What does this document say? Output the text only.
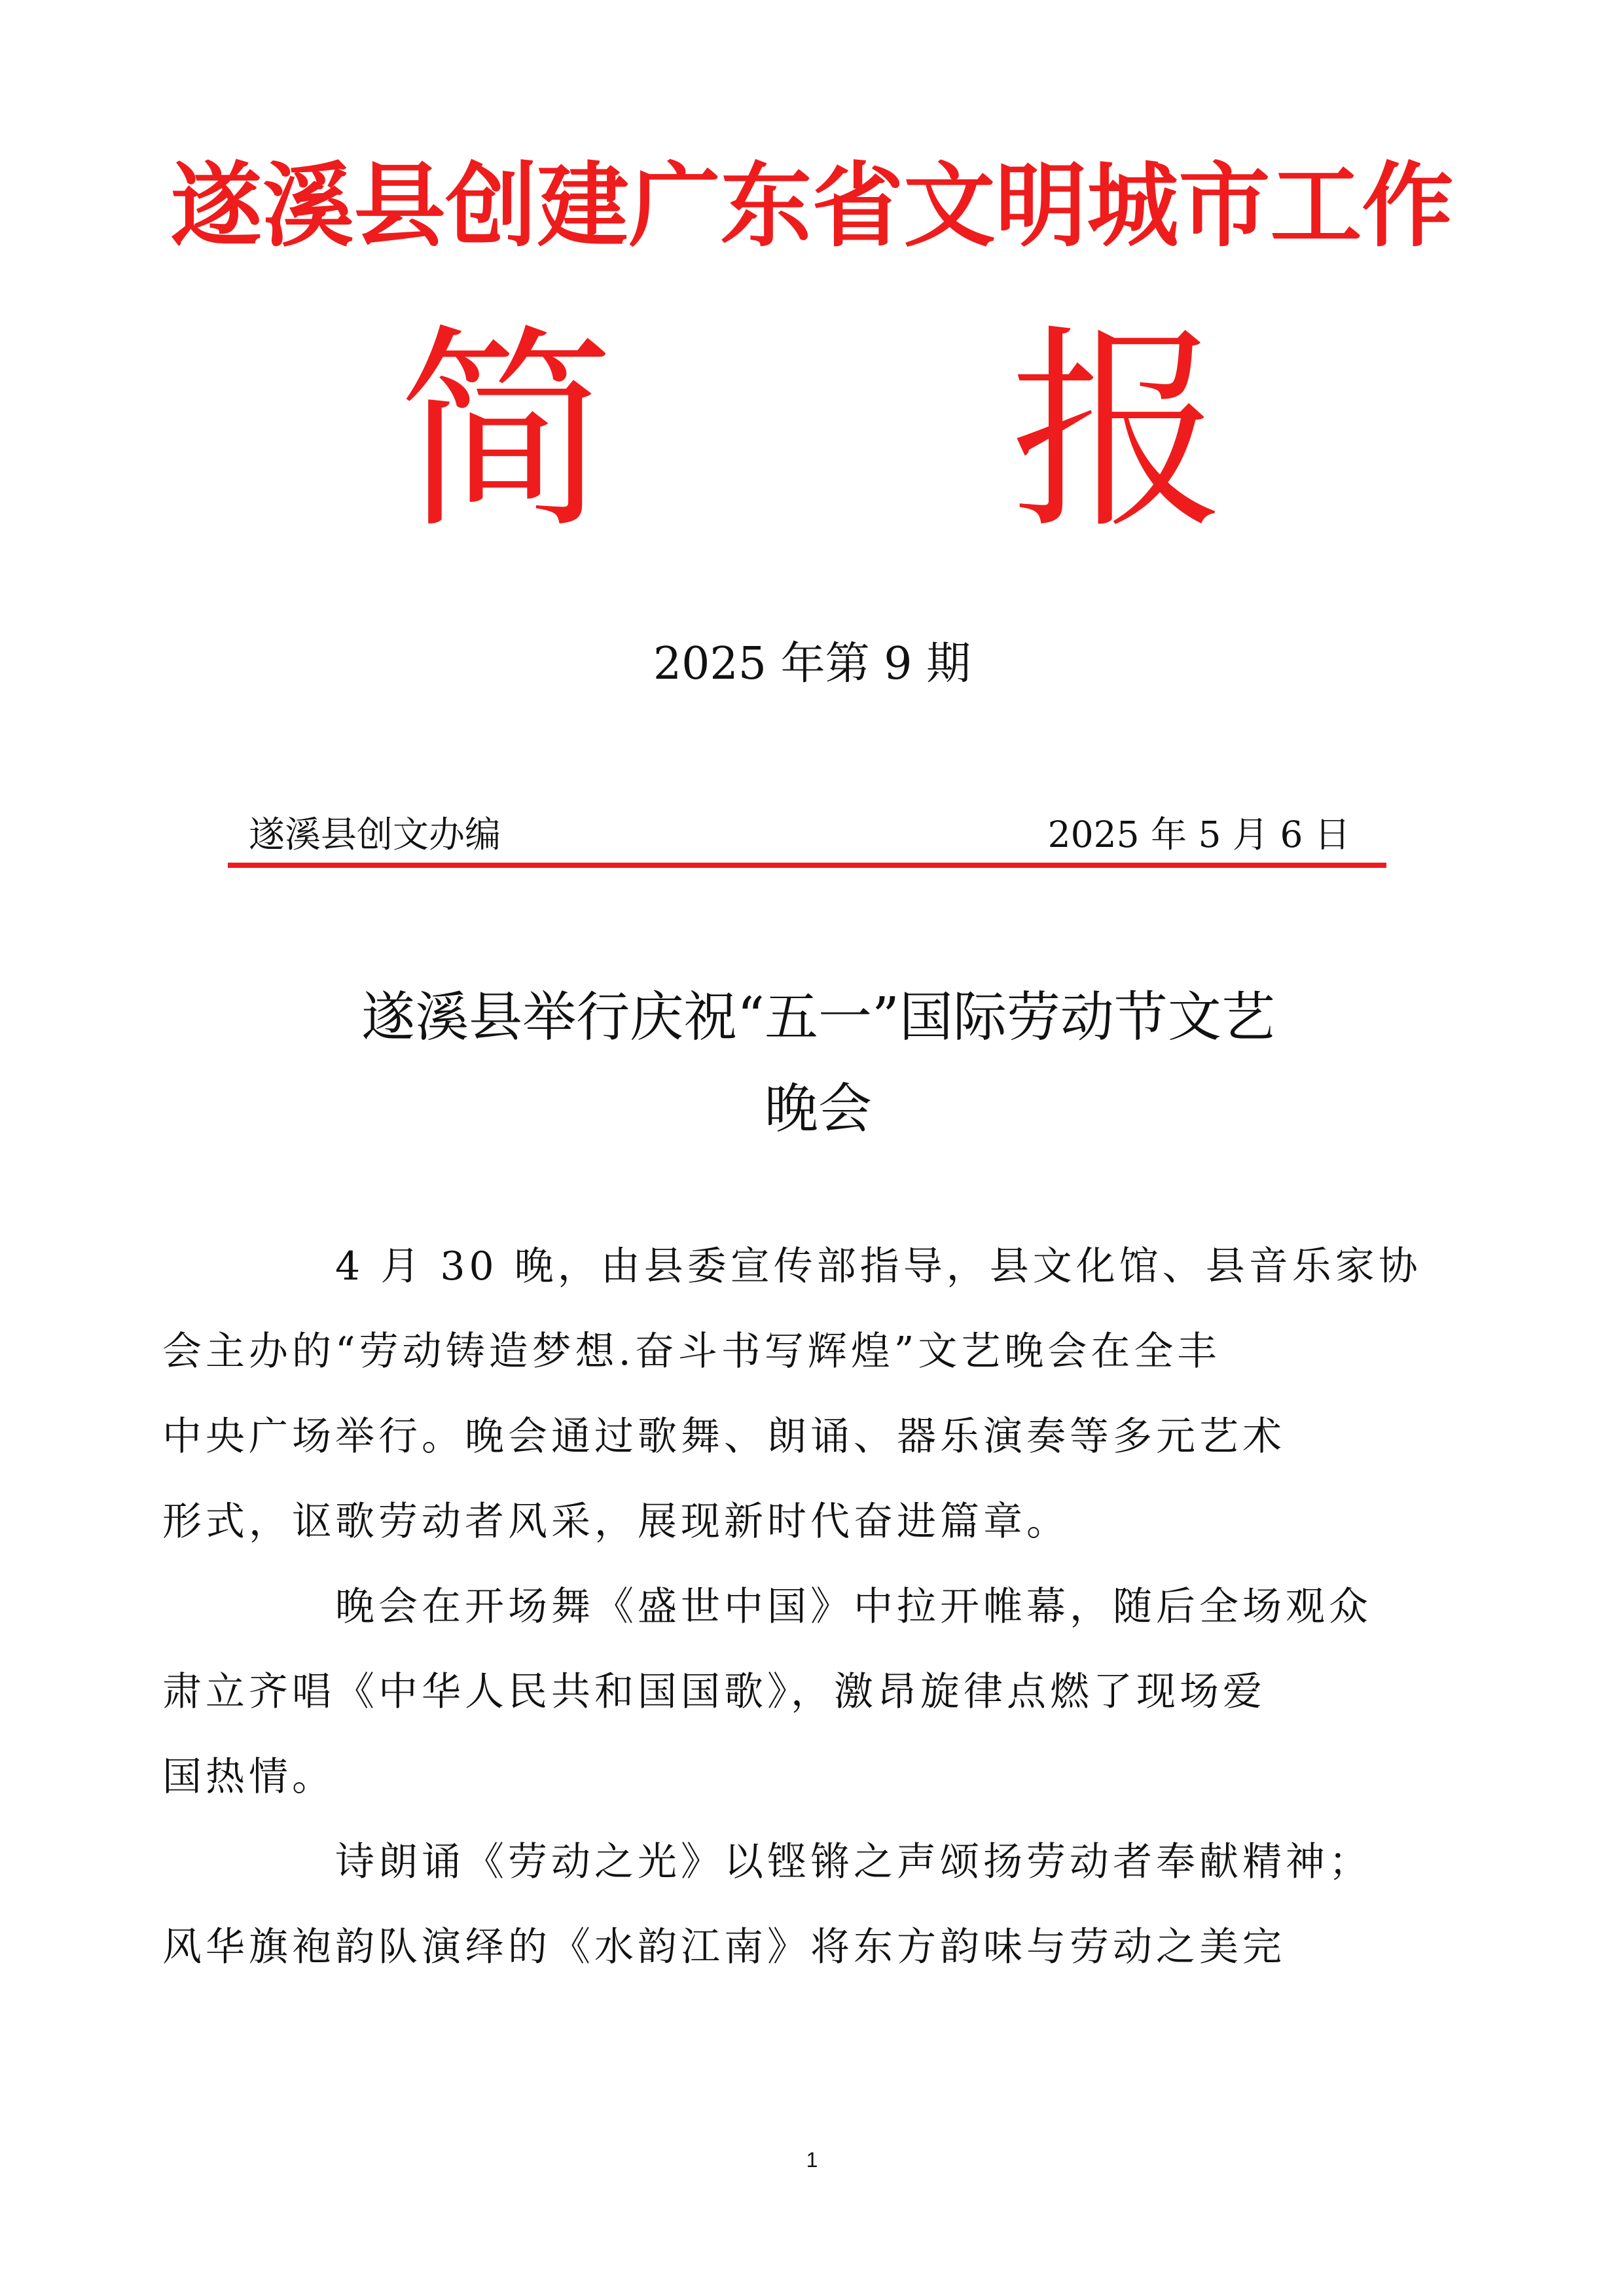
遂溪县创建广东省文明城市工作
简 报
2025 年第 9 期
遂溪县创文办编	2025 年 5 月 6 日
遂溪县举行庆祝“五一”国际劳动节文艺
晚会

4 月 30 晚，由县委宣传部指导，县文化馆、县音乐家协
会主办的“劳动铸造梦想.奋斗书写辉煌”文艺晚会在全丰
中央广场举行。晚会通过歌舞、朗诵、器乐演奏等多元艺术
形式，讴歌劳动者风采，展现新时代奋进篇章。

晚会在开场舞《盛世中国》中拉开帷幕，随后全场观众
肃立齐唱《中华人民共和国国歌》，激昂旋律点燃了现场爱
国热情。

诗朗诵《劳动之光》以铿锵之声颂扬劳动者奉献精神；
风华旗袍韵队演绎的《水韵江南》将东方韵味与劳动之美完

1
